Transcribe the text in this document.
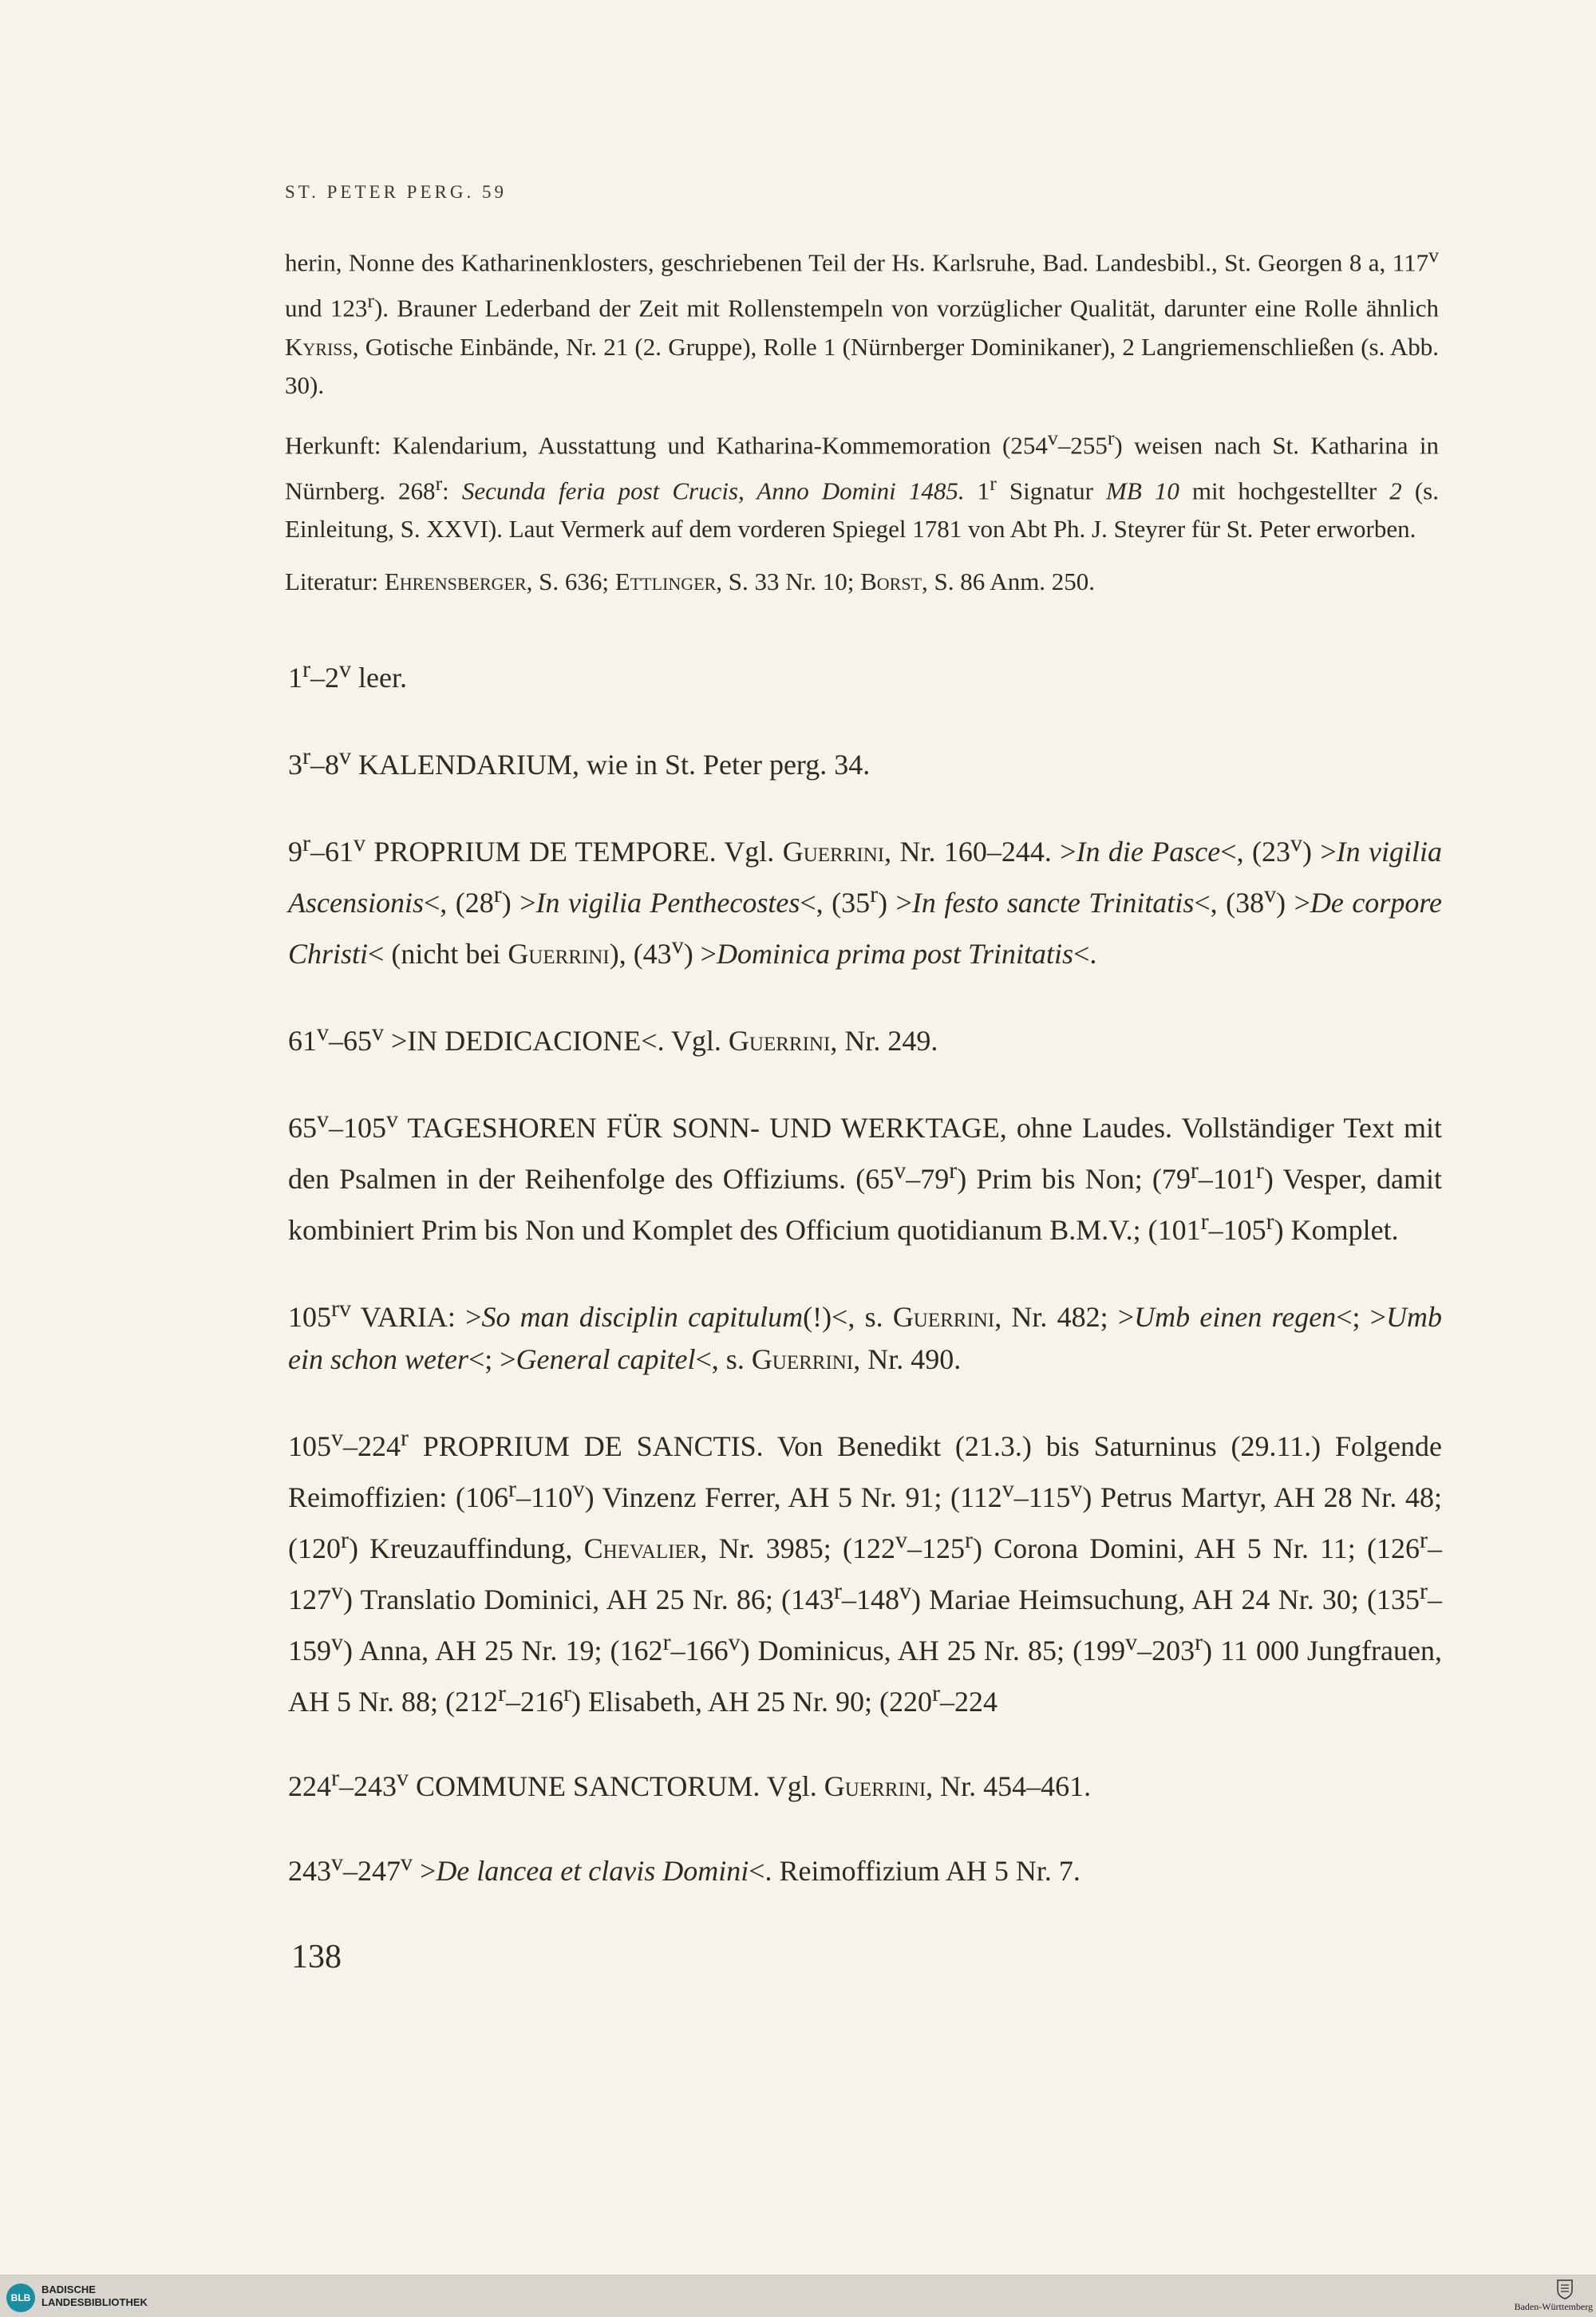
ST. PETER PERG. 59

herin, Nonne des Katharinenklosters, geschriebenen Teil der Hs. Karlsruhe, Bad. Landesbibl., St. Georgen 8 a, 117$^v$ und 123$^r$). Brauner Lederband der Zeit mit Rollenstempeln von vorzüglicher Qualität, darunter eine Rolle ähnlich Kyriss, Gotische Einbände, Nr. 21 (2. Gruppe), Rolle 1 (Nürnberger Dominikaner), 2 Langriemenschließen (s. Abb. 30).

Herkunft: Kalendarium, Ausstattung und Katharina-Kommemoration (254$^v$–255$^r$) weisen nach St. Katharina in Nürnberg. 268$^r$: Secunda feria post Crucis, Anno Domini 1485. 1$^r$ Signatur MB 10 mit hochgestellter 2 (s. Einleitung, S. XXVI). Laut Vermerk auf dem vorderen Spiegel 1781 von Abt Ph. J. Steyrer für St. Peter erworben.

Literatur: Ehrensberger, S. 636; Ettlinger, S. 33 Nr. 10; Borst, S. 86 Anm. 250.

1$^r$–2$^v$ leer.

3$^r$–8$^v$ KALENDARIUM, wie in St. Peter perg. 34.

9$^r$–61$^v$ PROPRIUM DE TEMPORE. Vgl. Guerrini, Nr. 160–244. >In die Pasce<, $(23^v) >In$ vigilia Ascensionis<, $(28^r) >In$ vigilia Penthecostes<, $(35^r) >In$ festo sancte Trinitatis<, $(38^v) >De$ corpore Christi< (nicht bei Guerrini), $(43^v)$ >Dominica prima post Trinitatis<.

$61^v-65^v >IN$ DEDICACIONE<. Vgl. Guerrini, Nr. 249.

65$^v$–105$^v$ TAGESHOREN FÜR SONN- UND WERKTAGE, ohne Laudes. Vollständiger Text mit den Psalmen in der Reihenfolge des Offiziums. (65$^v$–79$^r$) Prim bis Non; (79$^r$–101$^r$) Vesper, damit kombiniert Prim bis Non und Komplet des Officium quotidianum B.M.V.; (101$^r$–105$^r$) Komplet.

$105^{rv}$ VARIA: >So man disciplin capitulum(!)<, s. Guerrini, Nr. 482; >Umb einen regen<; >Umb ein schon weter<; >General capitel<, s. Guerrini, Nr. 490.

105$^v$–224$^r$ PROPRIUM DE SANCTIS. Von Benedikt (21.3.) bis Saturninus (29.11.) Folgende Reimoffizien: (106$^r$–110$^v$) Vinzenz Ferrer, AH 5 Nr. 91; (112$^v$–115$^v$) Petrus Martyr, AH 28 Nr. 48; (120$^r$) Kreuzauffindung, Chevalier, Nr. 3985; (122$^v$–125$^r$) Corona Domini, AH 5 Nr. 11; (126$^r$–127$^v$) Translatio Dominici, AH 25 Nr. 86; (143$^r$–148$^v$) Mariae Heimsuchung, AH 24 Nr. 30; (135$^r$–159$^v$) Anna, AH 25 Nr. 19; (162$^r$–166$^v$) Dominicus, AH 25 Nr. 85; (199$^v$–203$^r$) 11 000 Jungfrauen, AH 5 Nr. 88; (212$^r$–216$^r$) Elisabeth, AH 25 Nr. 90; (220$^r$–224

224$^r$–243$^v$ COMMUNE SANCTORUM. Vgl. Guerrini, Nr. 454–461.

$243^v-247^v >De$ lancea et clavis Domini<. Reimoffizium AH 5 Nr. 7.

138
BLB
BADISCHE
LANDESBIBLIOTHEK	Baden-Württemberg
